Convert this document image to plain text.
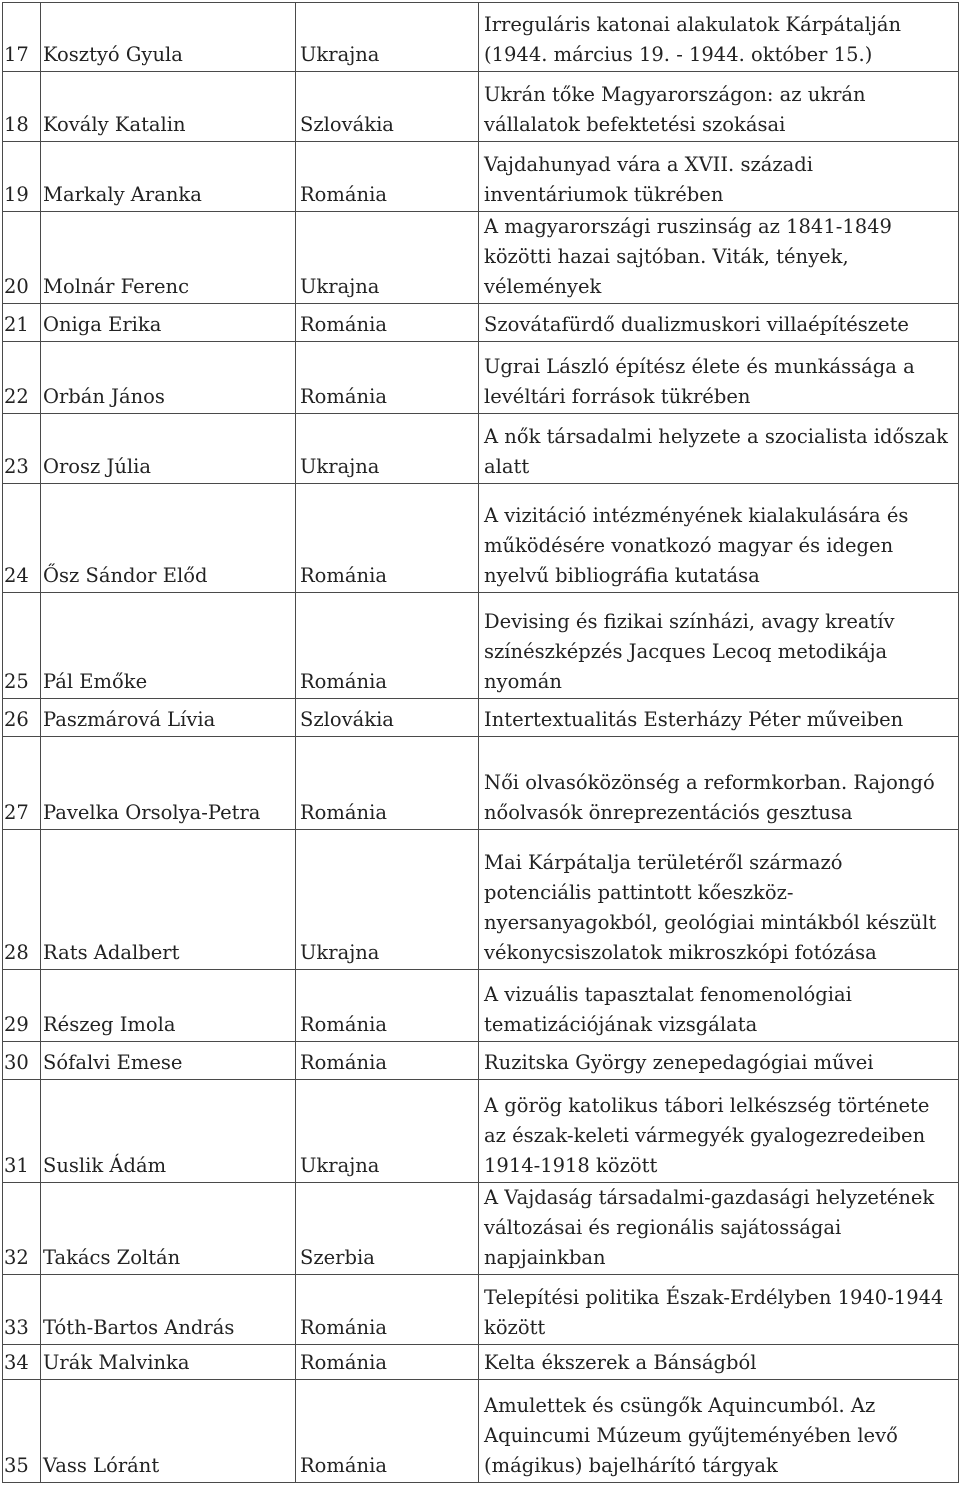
17	Kosztyó Gyula	Ukrajna	Irreguláris katonai alakulatok Kárpátalján (1944. március 19. - 1944. október 15.)
18	Kovály Katalin	Szlovákia	Ukrán tőke Magyarországon: az ukrán vállalatok befektetési szokásai
19	Markaly Aranka	Románia	Vajdahunyad vára a XVII. századi inventáriumok tükrében
20	Molnár Ferenc	Ukrajna	A magyarországi ruszinság az 1841-1849 közötti hazai sajtóban. Viták, tények, vélemények
21	Oniga Erika	Románia	Szovátafürdő dualizmuskori villaépítészete
22	Orbán János	Románia	Ugrai László építész élete és munkássága a levéltári források tükrében
23	Orosz Júlia	Ukrajna	A nők társadalmi helyzete a szocialista időszak alatt
24	Ősz Sándor Előd	Románia	A vizitáció intézményének kialakulására és működésére vonatkozó magyar és idegen nyelvű bibliográfia kutatása
25	Pál Emőke	Románia	Devising és fizikai színházi, avagy kreatív színészképzés Jacques Lecoq metodikája nyomán
26	Paszmárová Lívia	Szlovákia	Intertextualitás Esterházy Péter műveiben
27	Pavelka Orsolya-Petra	Románia	Női olvasóközönség a reformkorban. Rajongó nőolvasók önreprezentációs gesztusa
28	Rats Adalbert	Ukrajna	Mai Kárpátalja területéről származó potenciális pattintott kőeszköz-nyersanyagokból, geológiai mintákból készült vékonycsiszolatok mikroszkópi fotózása
29	Részeg Imola	Románia	A vizuális tapasztalat fenomenológiai tematizációjának vizsgálata
30	Sófalvi Emese	Románia	Ruzitska György zenepedagógiai művei
31	Suslik Ádám	Ukrajna	A görög katolikus tábori lelkészség története az észak-keleti vármegyék gyalogezredeiben 1914-1918 között
32	Takács Zoltán	Szerbia	A Vajdaság társadalmi-gazdasági helyzetének változásai és regionális sajátosságai napjainkban
33	Tóth-Bartos András	Románia	Telepítési politika Észak-Erdélyben 1940-1944 között
34	Urák Malvinka	Románia	Kelta ékszerek a Bánságból
35	Vass Lóránt	Románia	Amulettek és csüngők Aquincumból. Az Aquincumi Múzeum gyűjteményében levő (mágikus) bajelhárító tárgyak
